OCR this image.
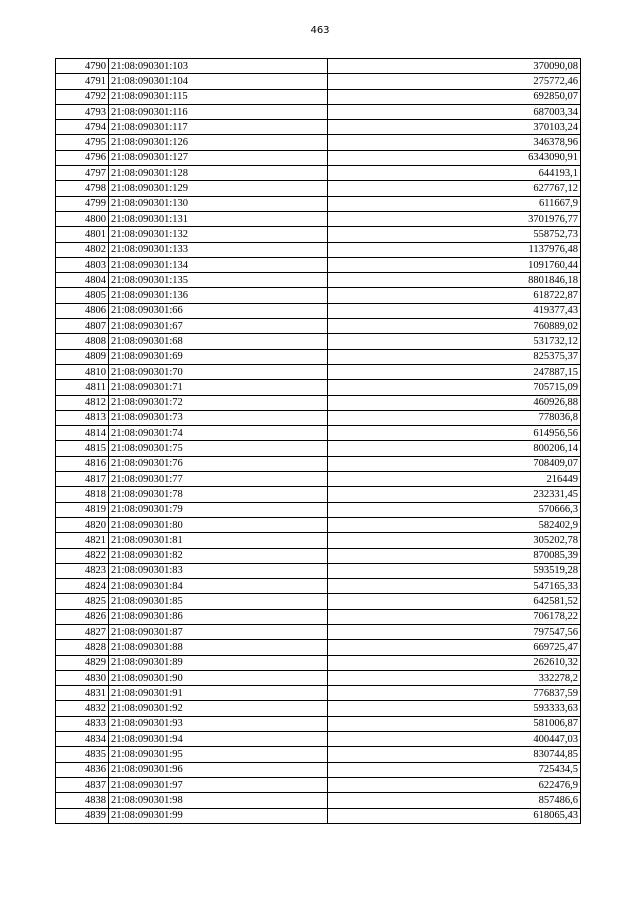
463
4790	21:08:090301:103	370090,08
4791	21:08:090301:104	275772,46
4792	21:08:090301:115	692850,07
4793	21:08:090301:116	687003,34
4794	21:08:090301:117	370103,24
4795	21:08:090301:126	346378,96
4796	21:08:090301:127	6343090,91
4797	21:08:090301:128	644193,1
4798	21:08:090301:129	627767,12
4799	21:08:090301:130	611667,9
4800	21:08:090301:131	3701976,77
4801	21:08:090301:132	558752,73
4802	21:08:090301:133	1137976,48
4803	21:08:090301:134	1091760,44
4804	21:08:090301:135	8801846,18
4805	21:08:090301:136	618722,87
4806	21:08:090301:66	419377,43
4807	21:08:090301:67	760889,02
4808	21:08:090301:68	531732,12
4809	21:08:090301:69	825375,37
4810	21:08:090301:70	247887,15
4811	21:08:090301:71	705715,09
4812	21:08:090301:72	460926,88
4813	21:08:090301:73	778036,8
4814	21:08:090301:74	614956,56
4815	21:08:090301:75	800206,14
4816	21:08:090301:76	708409,07
4817	21:08:090301:77	216449
4818	21:08:090301:78	232331,45
4819	21:08:090301:79	570666,3
4820	21:08:090301:80	582402,9
4821	21:08:090301:81	305202,78
4822	21:08:090301:82	870085,39
4823	21:08:090301:83	593519,28
4824	21:08:090301:84	547165,33
4825	21:08:090301:85	642581,52
4826	21:08:090301:86	706178,22
4827	21:08:090301:87	797547,56
4828	21:08:090301:88	669725,47
4829	21:08:090301:89	262610,32
4830	21:08:090301:90	332278,2
4831	21:08:090301:91	776837,59
4832	21:08:090301:92	593333,63
4833	21:08:090301:93	581006,87
4834	21:08:090301:94	400447,03
4835	21:08:090301:95	830744,85
4836	21:08:090301:96	725434,5
4837	21:08:090301:97	622476,9
4838	21:08:090301:98	857486,6
4839	21:08:090301:99	618065,43
